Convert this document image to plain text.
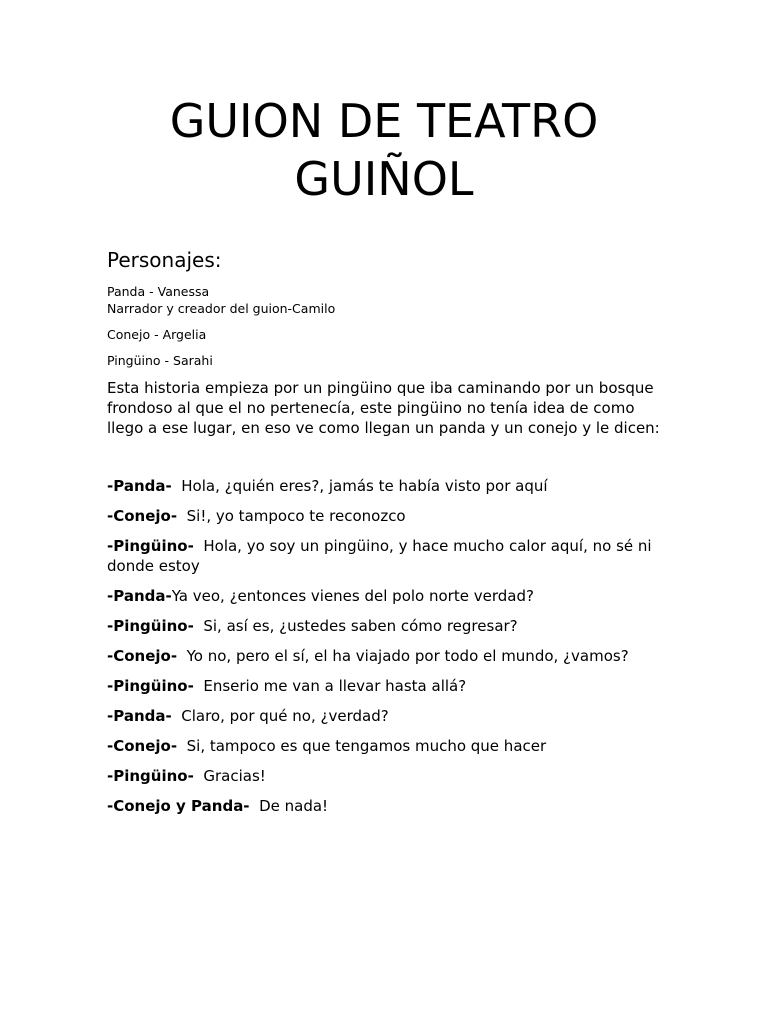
GUION DE TEATRO
GUIÑOL
Personajes:

Panda - Vanessa

Narrador y creador del guion-Camilo

Conejo - Argelia

Pingüino - Sarahi

Esta historia empieza por un pingüino que iba caminando por un bosque frondoso al que el no pertenecía, este pingüino no tenía idea de como llego a ese lugar, en eso ve como llegan un panda y un conejo y le dicen:

-Panda- Hola, ¿quién eres?, jamás te había visto por aquí

-Conejo- Si!, yo tampoco te reconozco

-Pingüino- Hola, yo soy un pingüino, y hace mucho calor aquí, no sé ni donde estoy

-Panda-Ya veo, ¿entonces vienes del polo norte verdad?

-Pingüino- Si, así es, ¿ustedes saben cómo regresar?

-Conejo- Yo no, pero el sí, el ha viajado por todo el mundo, ¿vamos?

-Pingüino- Enserio me van a llevar hasta allá?

-Panda- Claro, por qué no, ¿verdad?

-Conejo- Si, tampoco es que tengamos mucho que hacer

-Pingüino- Gracias!

-Conejo y Panda- De nada!
